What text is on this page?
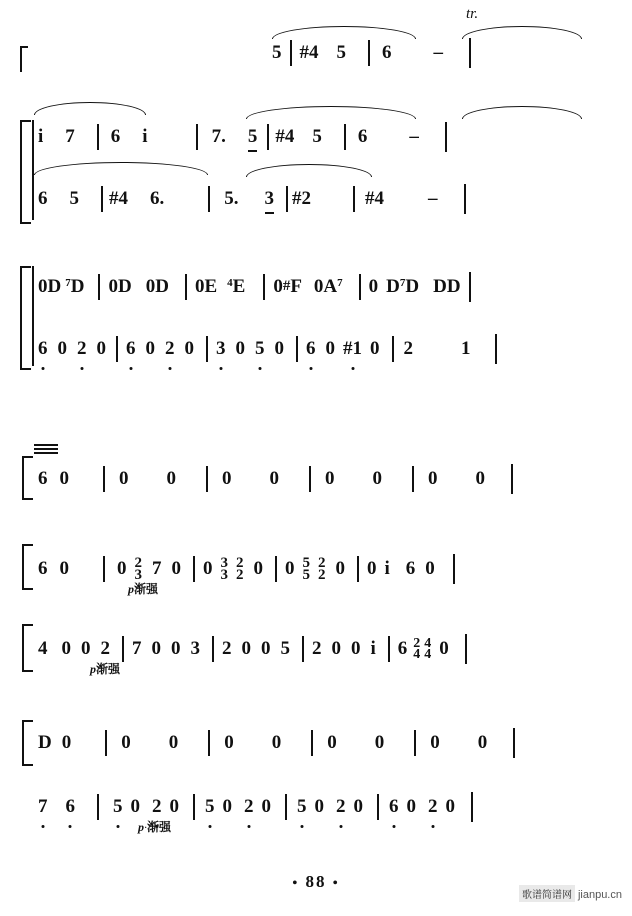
tr.
5 #4 5 6 –
i 7 6 i	7. 5 #4 5 6 –
6 5 #4 6.	5. 3 #2	#4 –
0D $^7$D 0D 0D 0E $^4$E 0#F $0A^7$ 0 $D^7D$ DD
6 0 2 0 6 0 2 0 3 0 5 0 6 0 #1 0 2	1
6 0	0 0 0 0 0 0 0 0
6 0	0 2
3 7 0 0 3
3
2
2 0 0 5
5
2
2 0 0 i 6 0
p渐强
4 0 0 2 7 0 0 3 2 0 0 5 2 0 0 i 6 2
4
4
4 0
p渐强
D 0	0 0 0 0 0 0 0 0
7 6 5 0 2 0 5 0 2 0 5 0 2 0 6 0 2 0
p·渐强
• 88 •
歌谱简谱网 jianpu.cn
